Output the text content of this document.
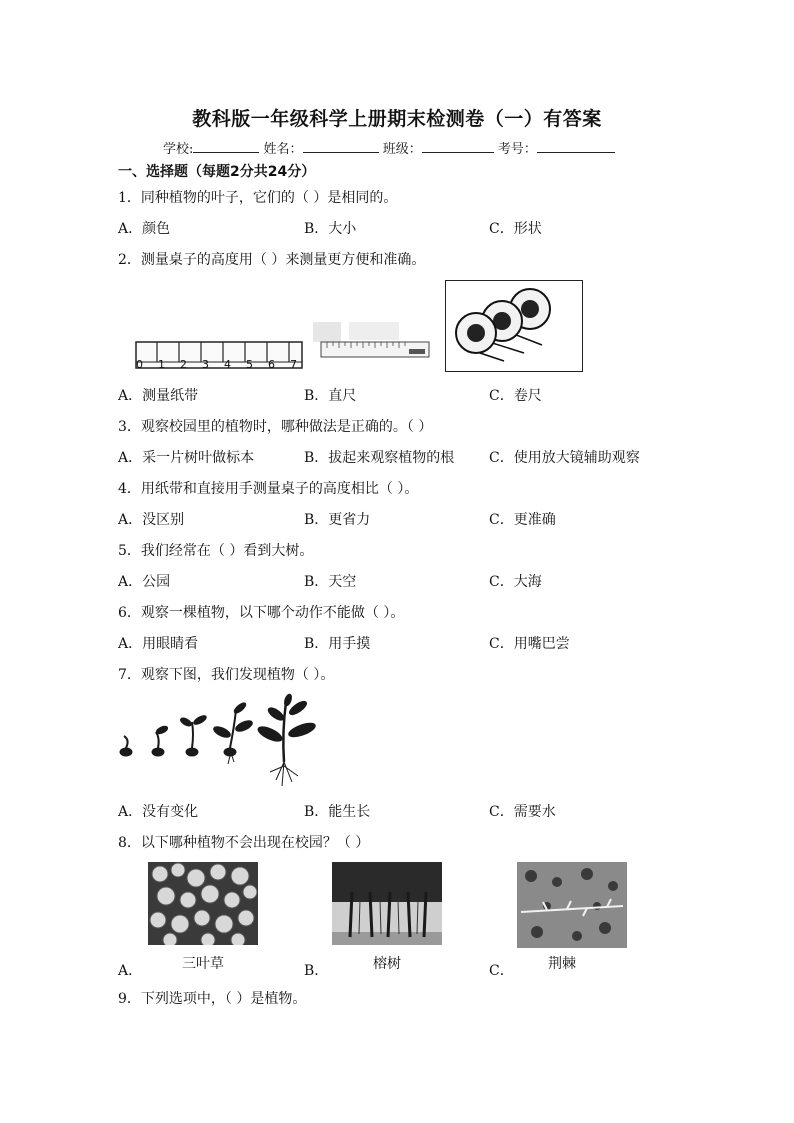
教科版一年级科学上册期末检测卷（一）有答案
学校:	姓名：	班级：	考号：
一、选择题（每题2分共24分）
1．同种植物的叶子，它们的（ ）是相同的。
A．颜色	B．大小	C．形状
2．测量桌子的高度用（ ）来测量更方便和准确。
0 1 2 3 4 5 6 7
A．测量纸带	B．直尺	C．卷尺
3．观察校园里的植物时，哪种做法是正确的。（ ）
A．采一片树叶做标本	B．拔起来观察植物的根 C．使用放大镜辅助观察
4．用纸带和直接用手测量桌子的高度相比（ ）。
A．没区别	B．更省力	C．更准确
5．我们经常在（ ）看到大树。
A．公园	B．天空	C．大海
6．观察一棵植物，以下哪个动作不能做（ ）。
A．用眼睛看	B．用手摸	C．用嘴巴尝
7．观察下图，我们发现植物（ ）。
A．没有变化	B．能生长	C．需要水
8．以下哪种植物不会出现在校园？（ ）
A．	三叶草	B．	榕树	C． 荆棘
9．下列选项中，（ ）是植物。
